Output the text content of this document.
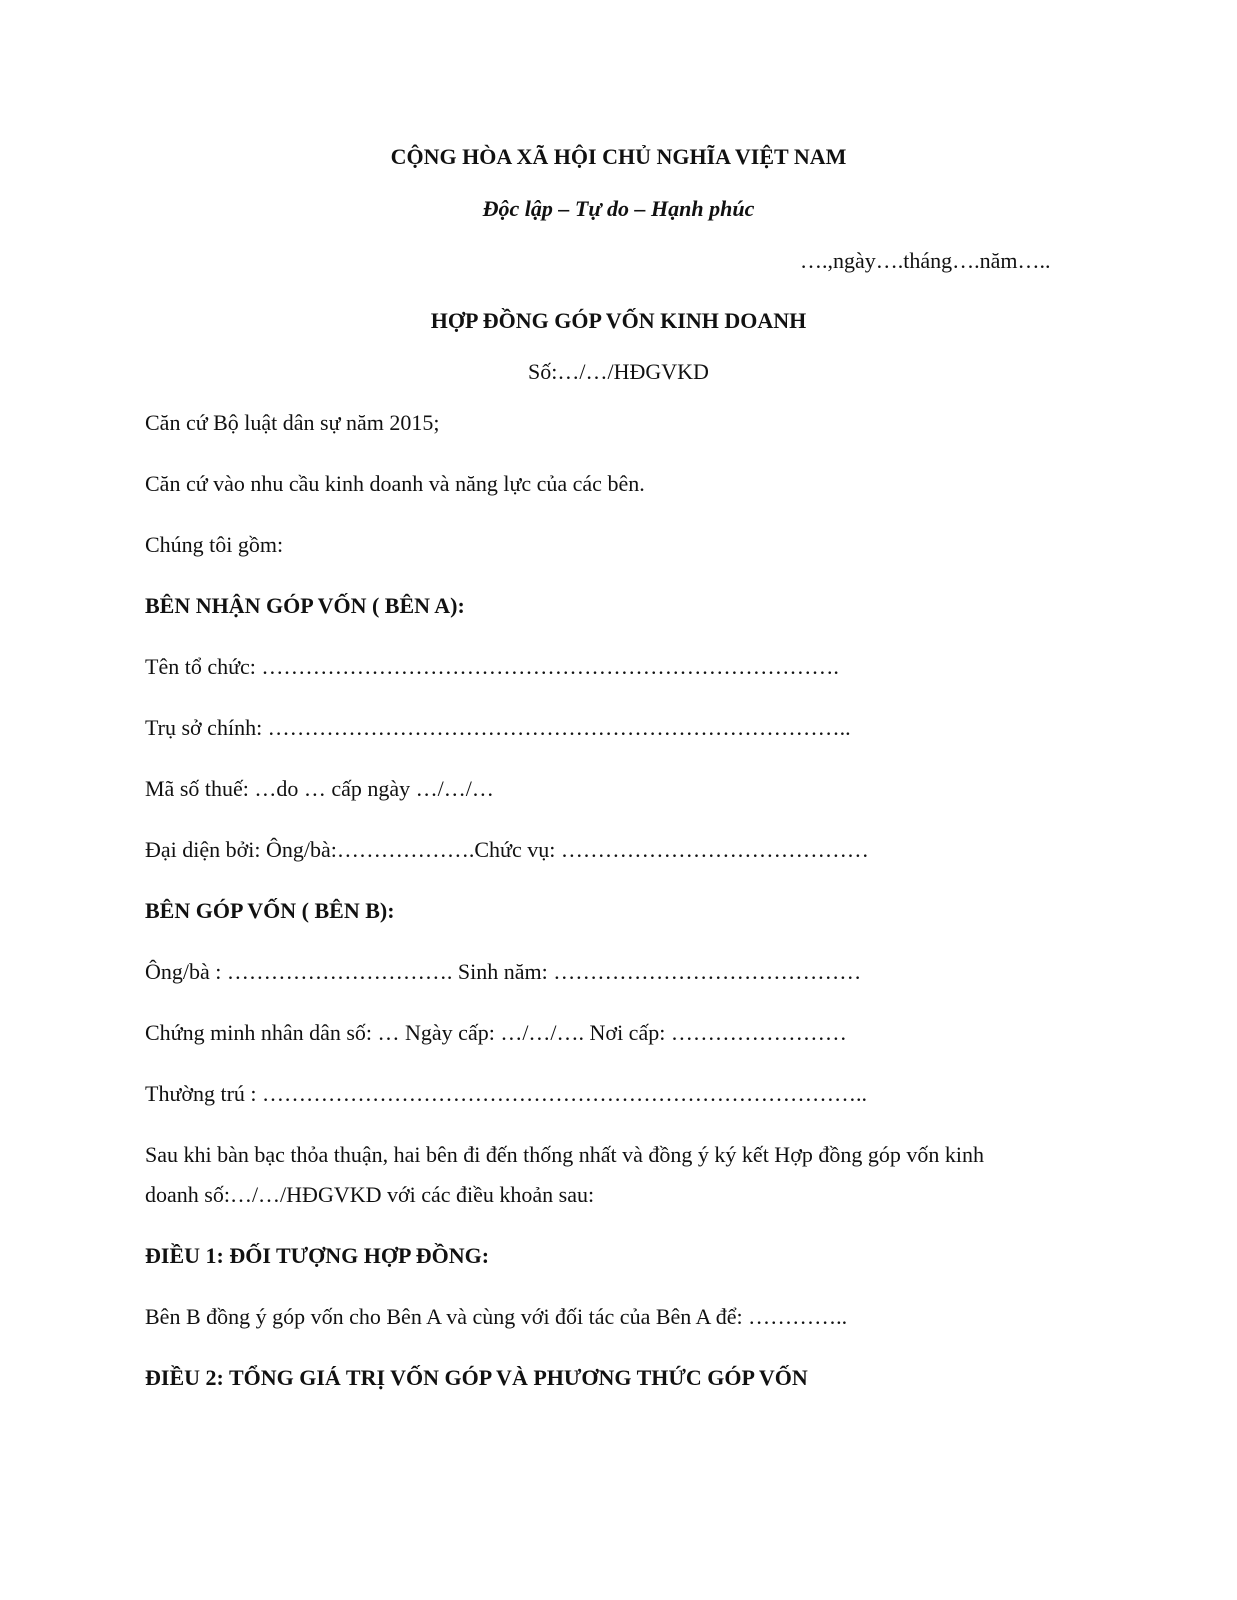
CỘNG HÒA XÃ HỘI CHỦ NGHĨA VIỆT NAM
Độc lập – Tự do – Hạnh phúc
….,ngày….tháng….năm…..
HỢP ĐỒNG GÓP VỐN KINH DOANH
Số:…/…/HĐGVKD
Căn cứ Bộ luật dân sự năm 2015;
Căn cứ vào nhu cầu kinh doanh và năng lực của các bên.
Chúng tôi gồm:
BÊN NHẬN GÓP VỐN ( BÊN A):
Tên tổ chức: …………………………………………………………………….
Trụ sở chính: ……………………………………………………………………..
Mã số thuế: …do … cấp ngày …/…/…
Đại diện bởi: Ông/bà:……………….Chức vụ: ……………………………………
BÊN GÓP VỐN ( BÊN B):
Ông/bà : …………………………. Sinh năm: ……………………………………
Chứng minh nhân dân số: … Ngày cấp: …/…/…. Nơi cấp: ……………………
Thường trú : ………………………………………………………………………..
Sau khi bàn bạc thỏa thuận, hai bên đi đến thống nhất và đồng ý ký kết Hợp đồng góp vốn kinh
doanh số:…/…/HĐGVKD với các điều khoản sau:
ĐIỀU 1: ĐỐI TƯỢNG HỢP ĐỒNG:
Bên B đồng ý góp vốn cho Bên A và cùng với đối tác của Bên A để: …………..
ĐIỀU 2: TỔNG GIÁ TRỊ VỐN GÓP VÀ PHƯƠNG THỨC GÓP VỐN
